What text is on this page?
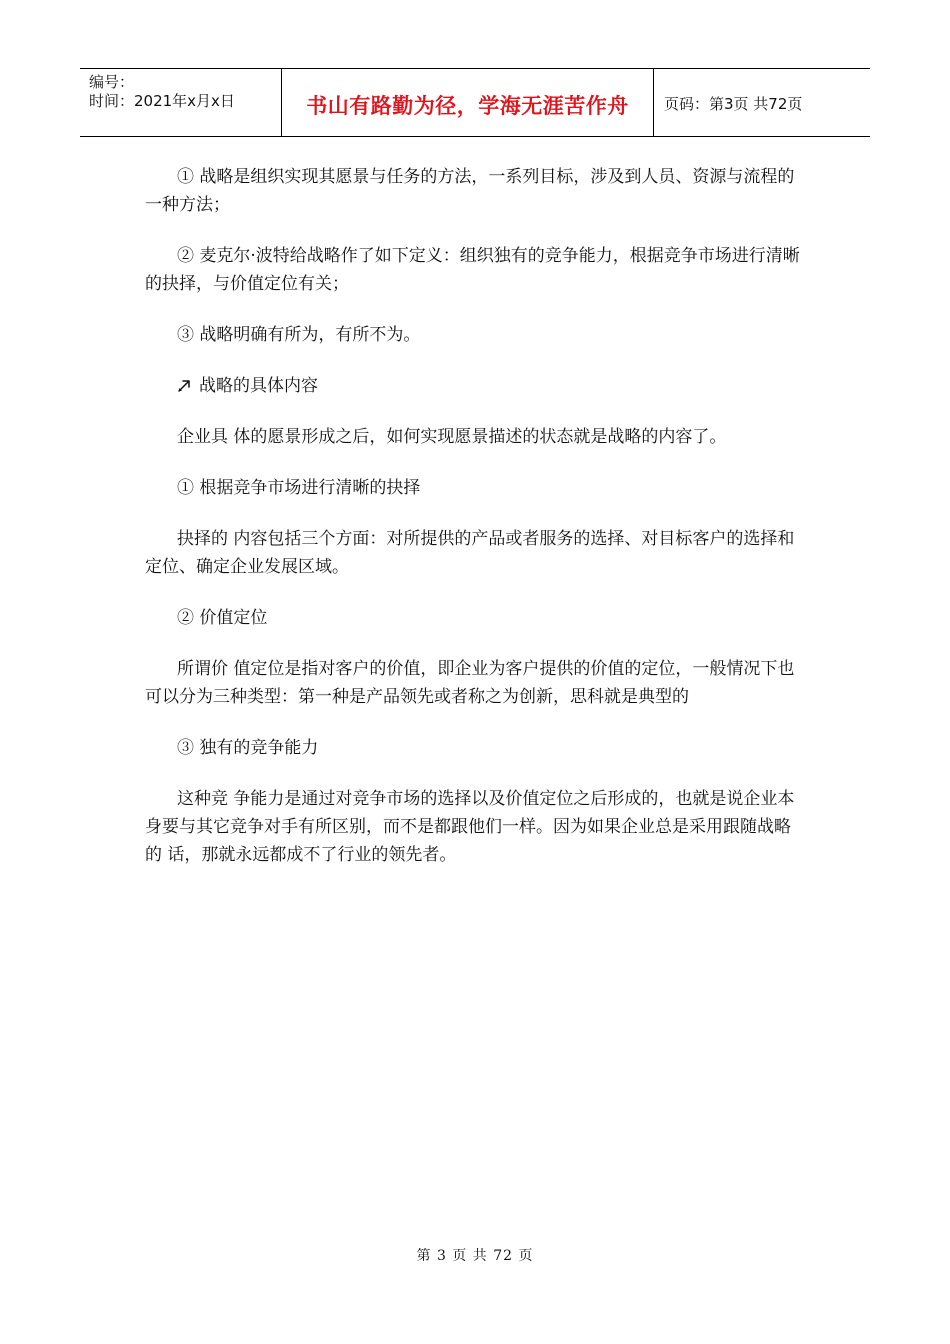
编号：
时间：2021年x月x日	书山有路勤为径，学海无涯苦作舟	页码：第3页 共72页

① 战略是组织实现其愿景与任务的方法，一系列目标，涉及到人员、资源与流程的一种方法；

② 麦克尔·波特给战略作了如下定义：组织独有的竞争能力，根据竞争市场进行清晰的抉择，与价值定位有关；

③ 战略明确有所为，有所不为。

战略的具体内容

企业具 体的愿景形成之后，如何实现愿景描述的状态就是战略的内容了。

① 根据竞争市场进行清晰的抉择

抉择的 内容包括三个方面：对所提供的产品或者服务的选择、对目标客户的选择和定位、确定企业发展区域。

② 价值定位

所谓价 值定位是指对客户的价值，即企业为客户提供的价值的定位，一般情况下也可以分为三种类型：第一种是产品领先或者称之为创新，思科就是典型的

③ 独有的竞争能力

这种竞 争能力是通过对竞争市场的选择以及价值定位之后形成的，也就是说企业本身要与其它竞争对手有所区别，而不是都跟他们一样。因为如果企业总是采用跟随战略的 话，那就永远都成不了行业的领先者。

第 3 页 共 72 页
